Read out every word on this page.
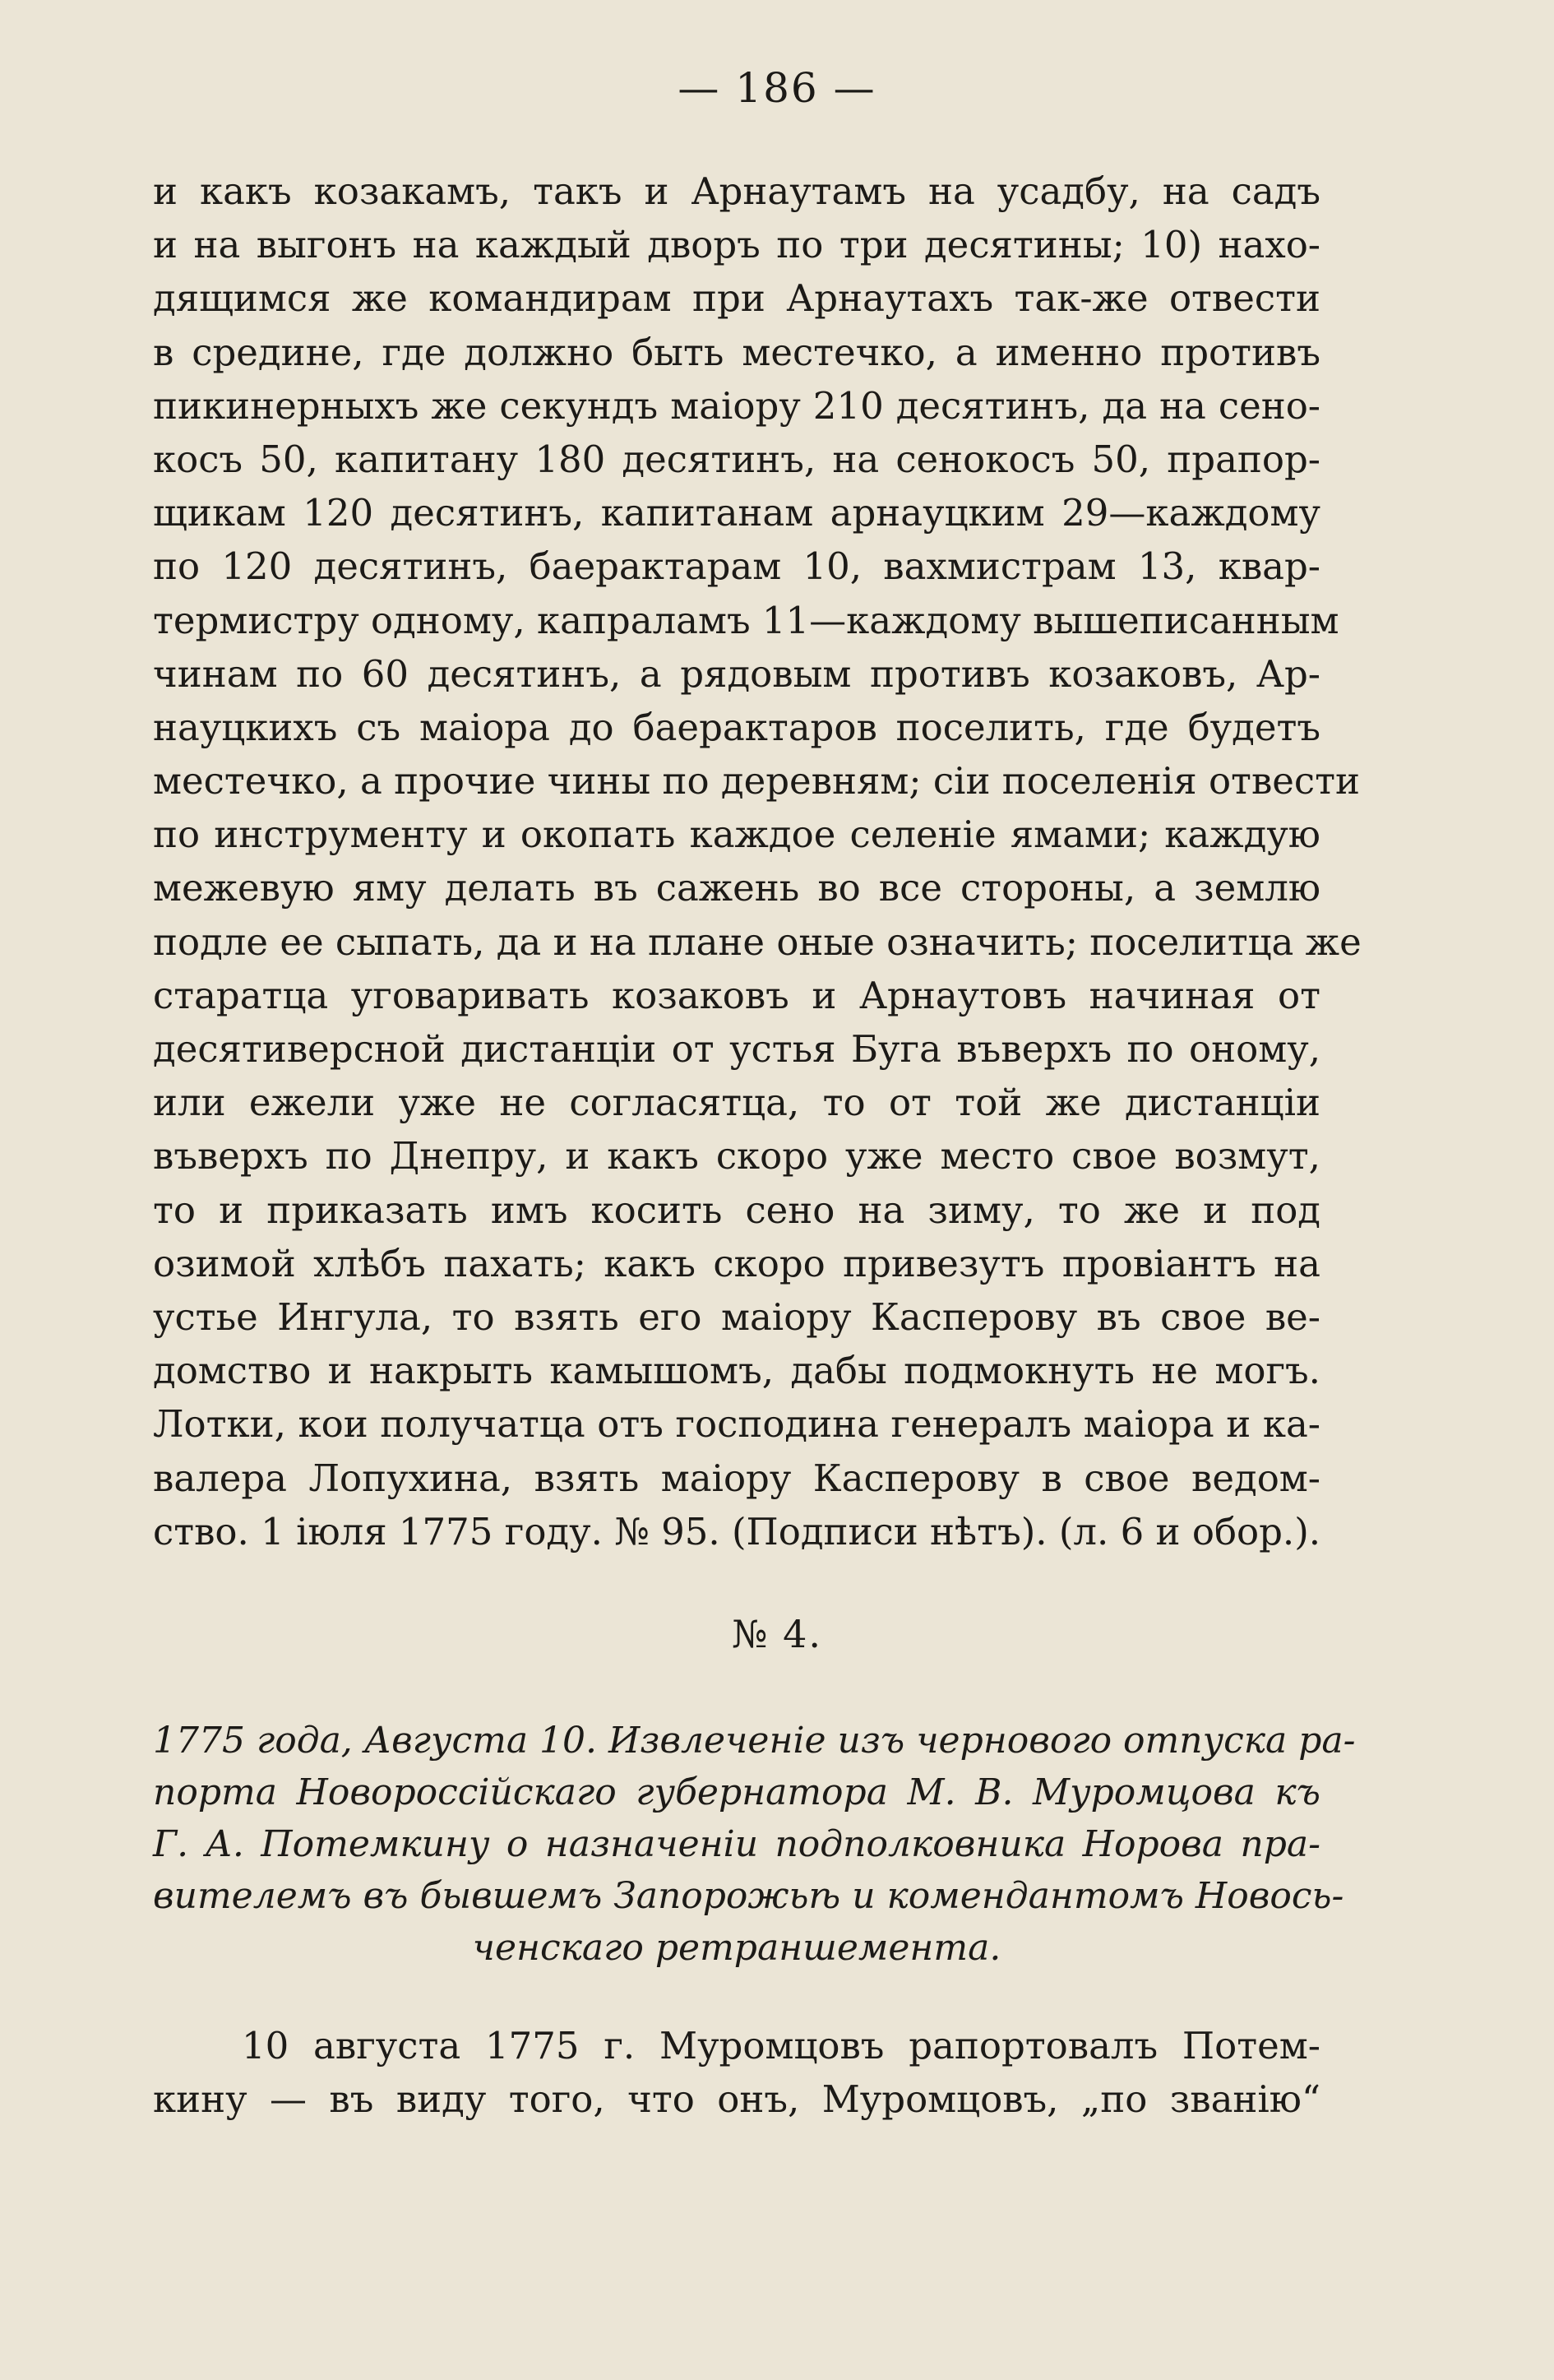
— 186 —
и какъ козакамъ, такъ и Арнаутамъ на усадбу, на садъ
и на выгонъ на каждый дворъ по три десятины; 10) нахо-
дящимся же командирам при Арнаутахъ так-же отвести
в средине, где должно быть местечко, а именно противъ
пикинерныхъ же секундъ маіору 210 десятинъ, да на сено-
косъ 50, капитану 180 десятинъ, на сенокосъ 50, прапор-
щикам 120 десятинъ, капитанам арнауцким 29—каждому
по 120 десятинъ, баерактарам 10, вахмистрам 13, квар-
термистру одному, капраламъ 11—каждому вышеписанным
чинам по 60 десятинъ, а рядовым противъ козаковъ, Ар-
науцкихъ съ маіора до баерактаров поселить, где будетъ
местечко, а прочие чины по деревням; сіи поселенія отвести
по инструменту и окопать каждое селеніе ямами; каждую
межевую яму делать въ сажень во все стороны, а землю
подле ее сыпать, да и на плане оные означить; поселитца же
старатца уговаривать козаковъ и Арнаутовъ начиная от
десятиверсной дистанціи от устья Буга въверхъ по оному,
или ежели уже не согласятца, то от той же дистанціи
въверхъ по Днепру, и какъ скоро уже место свое возмут,
то и приказать имъ косить сено на зиму, то же и под
озимой хлѣбъ пахать; какъ скоро привезутъ провіантъ на
устье Ингула, то взять его маіору Касперову въ свое ве-
домство и накрыть камышомъ, дабы подмокнуть не могъ.
Лотки, кои получатца отъ господина генералъ маіора и ка-
валера Лопухина, взять маіору Касперову в свое ведом-
ство. 1 іюля 1775 году. № 95. (Подписи нѣтъ). (л. 6 и обор.).
№ 4.
1775 года, Августа 10. Извлеченіе изъ чернового отпуска ра-
порта Новороссійскаго губернатора М. В. Муромцова къ
Г. А. Потемкину о назначеніи подполковника Норова пра-
вителемъ въ бывшемъ Запорожьѣ и комендантомъ Новось-
ченскаго ретраншемента.
10 августа 1775 г. Муромцовъ рапортовалъ Потем-
кину — въ виду того, что онъ, Муромцовъ, „по званію“
